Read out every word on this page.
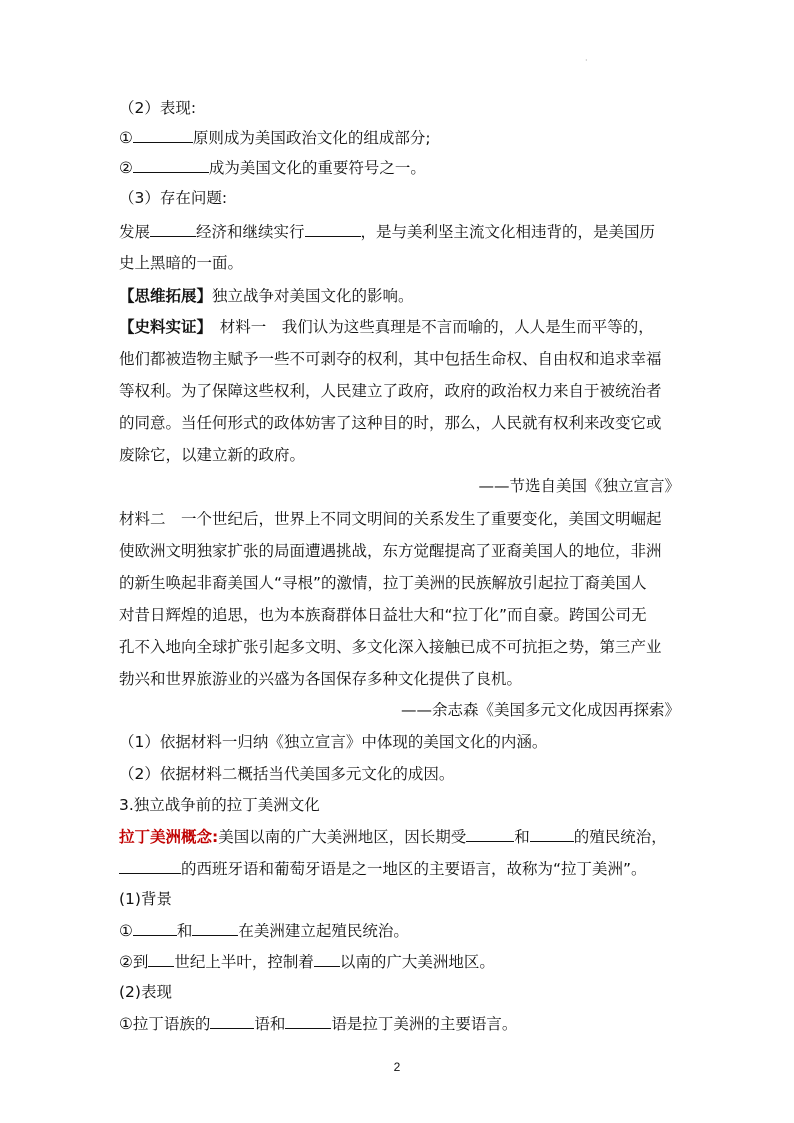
·
（2）表现:
①	原则成为美国政治文化的组成部分;
②	成为美国文化的重要符号之一。
（3）存在问题:
发展	经济和继续实行	，是与美利坚主流文化相违背的，是美国历
史上黑暗的一面。
【思维拓展】独立战争对美国文化的影响。
【史料实证】　材料一　我们认为这些真理是不言而喻的，人人是生而平等的，
他们都被造物主赋予一些不可剥夺的权利，其中包括生命权、自由权和追求幸福
等权利。为了保障这些权利，人民建立了政府，政府的政治权力来自于被统治者
的同意。当任何形式的政体妨害了这种目的时，那么，人民就有权利来改变它或
废除它，以建立新的政府。
——节选自美国《独立宣言》
材料二　一个世纪后，世界上不同文明间的关系发生了重要变化，美国文明崛起
使欧洲文明独家扩张的局面遭遇挑战，东方觉醒提高了亚裔美国人的地位，非洲
的新生唤起非裔美国人“寻根”的激情，拉丁美洲的民族解放引起拉丁裔美国人
对昔日辉煌的追思，也为本族裔群体日益壮大和“拉丁化”而自豪。跨国公司无
孔不入地向全球扩张引起多文明、多文化深入接触已成不可抗拒之势，第三产业
勃兴和世界旅游业的兴盛为各国保存多种文化提供了良机。
——余志森《美国多元文化成因再探索》
（1）依据材料一归纳《独立宣言》中体现的美国文化的内涵。
（2）依据材料二概括当代美国多元文化的成因。
3.独立战争前的拉丁美洲文化
拉丁美洲概念:美国以南的广大美洲地区，因长期受	和	的殖民统治，
的西班牙语和葡萄牙语是之一地区的主要语言，故称为“拉丁美洲”。
(1)背景
①	和	在美洲建立起殖民统治。
②到 世纪上半叶，控制着 以南的广大美洲地区。
(2)表现
①拉丁语族的	语和	语是拉丁美洲的主要语言。
2
